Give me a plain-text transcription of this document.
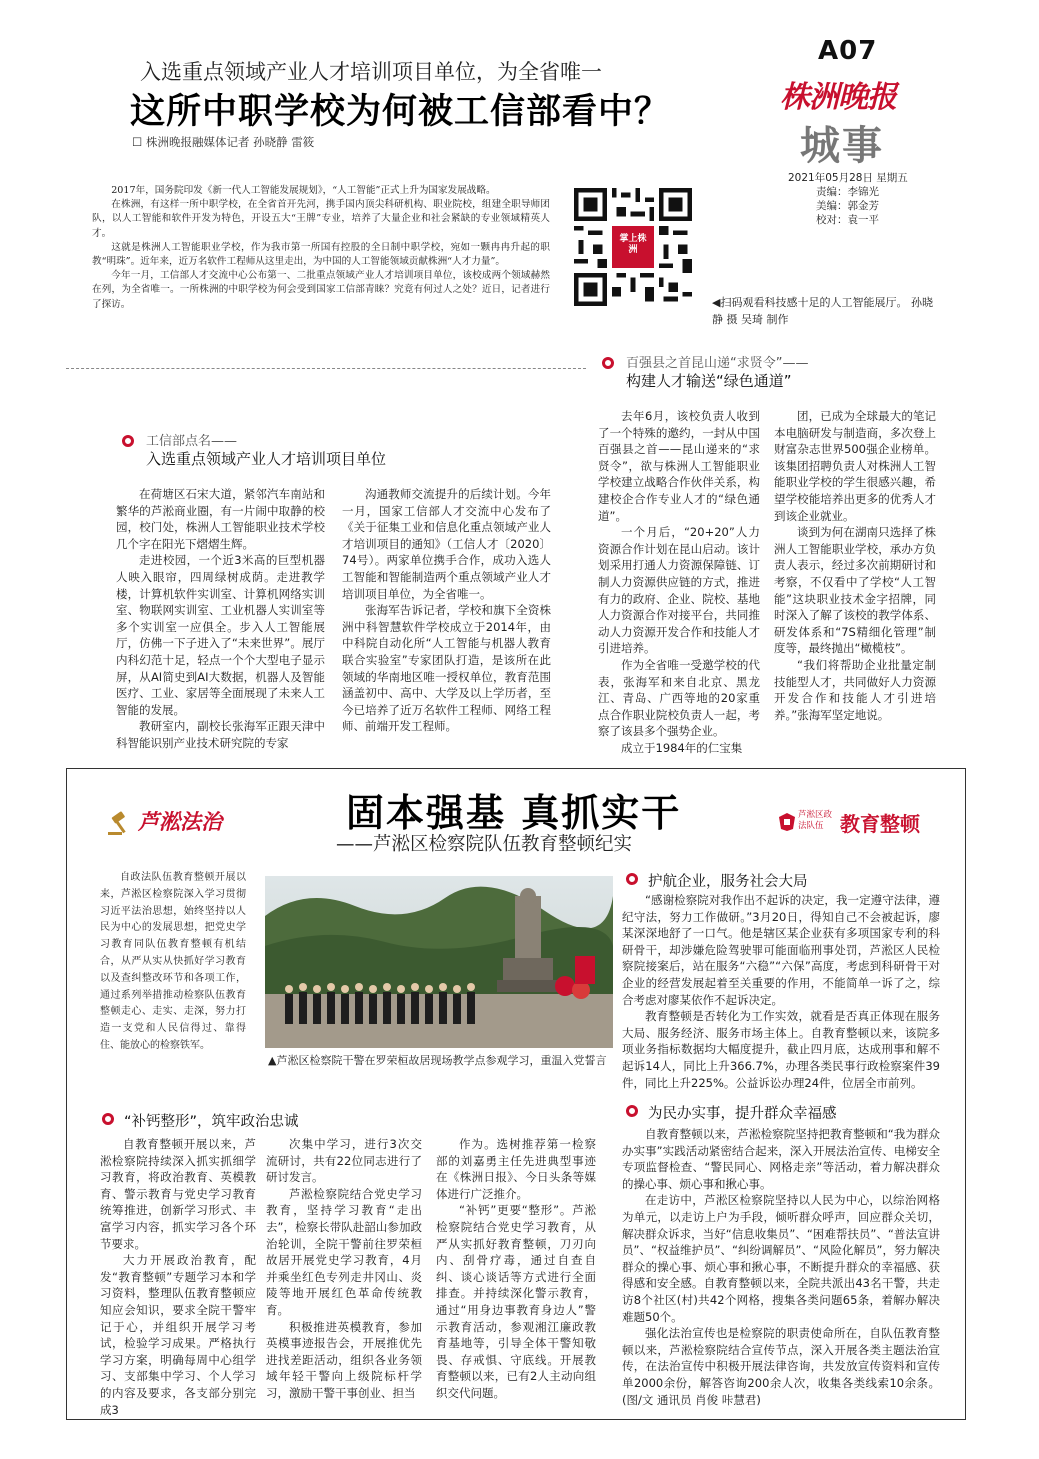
A07
株洲晚报
城事
2021年05月28日 星期五
责编：李锦光
美编：郭金芳
校对：袁一平
入选重点领域产业人才培训项目单位，为全省唯一
这所中职学校为何被工信部看中？
☐ 株洲晚报融媒体记者 孙晓静 雷筱

2017年，国务院印发《新一代人工智能发展规划》，“人工智能”正式上升为国家发展战略。

在株洲，有这样一所中职学校，在全省首开先河，携手国内顶尖科研机构、职业院校，组建全职导师团队，以人工智能和软件开发为特色，开设五大“王牌”专业，培养了大量企业和社会紧缺的专业领域精英人才。

这就是株洲人工智能职业学校，作为我市第一所国有控股的全日制中职学校，宛如一颗冉冉升起的职教“明珠”。近年来，近万名软件工程师从这里走出，为中国的人工智能领域贡献株洲“人才力量”。

今年一月，工信部人才交流中心公布第一、二批重点领域产业人才培训项目单位，该校成两个领域赫然在列，为全省唯一。一所株洲的中职学校为何会受到国家工信部青睐？究竟有何过人之处？近日，记者进行了探访。

掌上株洲
◀扫码观看科技感十足的人工智能展厅。 孙晓静 摄 吴琦 制作
工信部点名——
入选重点领域产业人才培训项目单位

在荷塘区石宋大道，紧邻汽车南站和繁华的芦淞商业圈，有一片闹中取静的校园，校门处，株洲人工智能职业技术学校几个字在阳光下熠熠生辉。

走进校园，一个近3米高的巨型机器人映入眼帘，四周绿树成荫。走进教学楼，计算机软件实训室、计算机网络实训室、物联网实训室、工业机器人实训室等多个实训室一应俱全。步入人工智能展厅，仿佛一下子进入了“未来世界”。展厅内科幻范十足，轻点一个个大型电子显示屏，从AI简史到AI大数据，机器人及智能医疗、工业、家居等全面展现了未来人工智能的发展。

教研室内，副校长张海军正跟天津中科智能识别产业技术研究院的专家

沟通教师交流提升的后续计划。今年一月，国家工信部人才交流中心发布了《关于征集工业和信息化重点领域产业人才培训项目的通知》（工信人才〔2020〕74号）。两家单位携手合作，成功入选人工智能和智能制造两个重点领域产业人才培训项目单位，为全省唯一。

张海军告诉记者，学校和旗下全资株洲中科智慧软件学校成立于2014年，由中科院自动化所“人工智能与机器人教育联合实验室”专家团队打造，是该所在此领域的华南地区唯一授权单位，教育范围涵盖初中、高中、大学及以上学历者，至今已培养了近万名软件工程师、网络工程师、前端开发工程师。

百强县之首昆山递“求贤令”——
构建人才输送“绿色通道”

去年6月，该校负责人收到了一个特殊的邀约，一封从中国百强县之首——昆山递来的“求贤令”，欲与株洲人工智能职业学校建立战略合作伙伴关系，构建校企合作专业人才的“绿色通道”。

一个月后，“20+20”人力资源合作计划在昆山启动。该计划采用打通人力资源保障链、订制人力资源供应链的方式，推进有力的政府、企业、院校、基地人力资源合作对接平台，共同推动人力资源开发合作和技能人才引进培养。

作为全省唯一受邀学校的代表，张海军和来自北京、黑龙江、青岛、广西等地的20家重点合作职业院校负责人一起，考察了该县多个强势企业。

成立于1984年的仁宝集

团，已成为全球最大的笔记本电脑研发与制造商，多次登上财富杂志世界500强企业榜单。该集团招聘负责人对株洲人工智能职业学校的学生很感兴趣，希望学校能培养出更多的优秀人才到该企业就业。

谈到为何在湖南只选择了株洲人工智能职业学校，承办方负责人表示，经过多次前期研讨和考察，不仅看中了学校“人工智能”这块职业技术金字招牌，同时深入了解了该校的教学体系、研发体系和“7S精细化管理”制度等，最终抛出“橄榄枝”。

“我们将帮助企业批量定制技能型人才，共同做好人力资源开发合作和技能人才引进培养。”张海军坚定地说。

芦淞法治	固本强基 真抓实干
——芦淞区检察院队伍教育整顿纪实
芦淞区政法队伍 教育整顿

自政法队伍教育整顿开展以来，芦淞区检察院深入学习贯彻习近平法治思想，始终坚持以人民为中心的发展思想，把党史学习教育同队伍教育整顿有机结合，从严从实从快抓好学习教育以及查纠整改环节和各项工作，通过系列举措推动检察队伍教育整顿走心、走实、走深，努力打造一支党和人民信得过、靠得住、能放心的检察铁军。

▲芦淞区检察院干警在罗荣桓故居现场教学点参观学习，重温入党誓言
护航企业，服务社会大局

“感谢检察院对我作出不起诉的决定，我一定遵守法律，遵纪守法，努力工作做研。”3月20日，得知自己不会被起诉，廖某深深地舒了一口气。他是辖区某企业获有多项国家专利的科研骨干，却涉嫌危险驾驶罪可能面临刑事处罚，芦淞区人民检察院接案后，站在服务“六稳”“六保”高度，考虑到科研骨干对企业的经营发展起着至关重要的作用，不能简单一诉了之，综合考虑对廖某依作不起诉决定。

教育整顿是否转化为工作实效，就看是否真正体现在服务大局、服务经济、服务市场主体上。自教育整顿以来，该院多项业务指标数据均大幅度提升，截止四月底，达成刑事和解不起诉14人，同比上升366.7%，办理各类民事行政检察案件39件，同比上升225%。公益诉讼办理24件，位居全市前列。

为民办实事，提升群众幸福感

自教育整顿以来，芦淞检察院坚持把教育整顿和“我为群众办实事”实践活动紧密结合起来，深入开展法治宣传、电梯安全专项监督检查、“警民同心、网格走亲”等活动，着力解决群众的操心事、烦心事和揪心事。

在走访中，芦淞区检察院坚持以人民为中心，以综治网格为单元，以走访上户为手段，倾听群众呼声，回应群众关切，解决群众诉求，当好“信息收集员”、“困难帮扶员”、“普法宣讲员”、“权益维护员”、“纠纷调解员”、“风险化解员”，努力解决群众的操心事、烦心事和揪心事，不断提升群众的幸福感、获得感和安全感。自教育整顿以来，全院共派出43名干警，共走访8个社区(村)共42个网格，搜集各类问题65条，着解办解决难题50个。

强化法治宣传也是检察院的职责使命所在，自队伍教育整顿以来，芦淞检察院结合宣传节点，深入开展各类主题法治宣传，在法治宣传中积极开展法律咨询，共发放宣传资料和宣传单2000余份，解答咨询200余人次，收集各类线索10余条。 (图/文 通讯员 肖俊 咔慧君)

“补钙整形”，筑牢政治忠诚

自教育整顿开展以来，芦淞检察院持续深入抓实抓细学习教育，将政治教育、英模教育、警示教育与党史学习教育统筹推进，创新学习形式、丰富学习内容，抓实学习各个环节要求。

大力开展政治教育，配发“教育整顿”专题学习本和学习资料，整理队伍教育整顿应知应会知识，要求全院干警牢记于心，并组织开展学习考试，检验学习成果。严格执行学习方案，明确每周中心组学习、支部集中学习、个人学习的内容及要求，各支部分别完成3

次集中学习，进行3次交流研讨，共有22位同志进行了研讨发言。

芦淞检察院结合党史学习教育，坚持学习教育“走出去”，检察长带队赴韶山参加政治轮训，全院干警前往罗荣桓故居开展党史学习教育，4月并乘坐红色专列走井冈山、炎陵等地开展红色革命传统教育。

积极推进英模教育，参加英模事迹报告会，开展推优先进找差距活动，组织各业务领域年轻干警向上级院标杆学习，激励干警干事创业、担当

作为。选树推荐第一检察部的刘嘉勇主任先进典型事迹在《株洲日报》、今日头条等媒体进行广泛推介。

“补钙”更要“整形”。芦淞检察院结合党史学习教育，从严从实抓好教育整顿，刀刃向内、刮骨疗毒，通过自查自纠、谈心谈话等方式进行全面排查。并持续深化警示教育，通过“用身边事教育身边人”警示教育活动，参观湘江廉政教育基地等，引导全体干警知敬畏、存戒惧、守底线。开展教育整顿以来，已有2人主动向组织交代问题。
